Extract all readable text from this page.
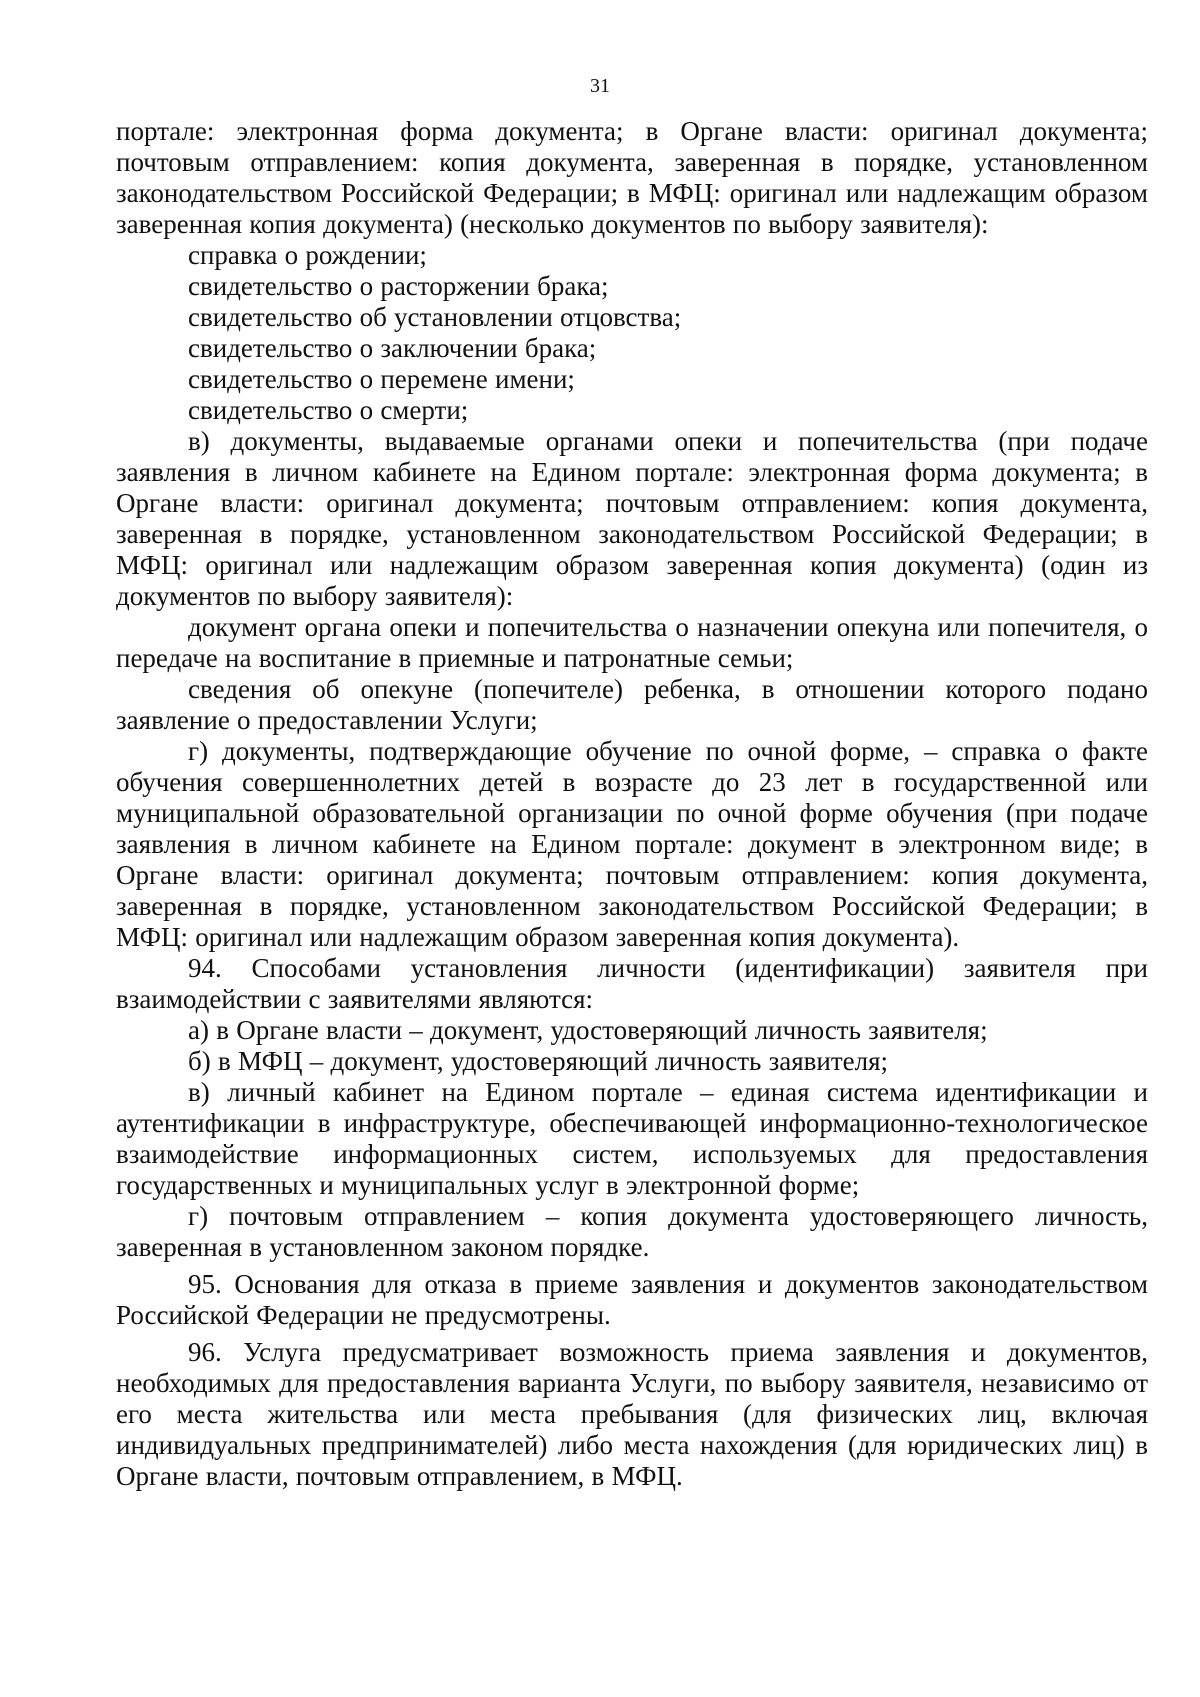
31

портале: электронная форма документа; в Органе власти: оригинал документа; почтовым отправлением: копия документа, заверенная в порядке, установленном законодательством Российской Федерации; в МФЦ: оригинал или надлежащим образом заверенная копия документа) (несколько документов по выбору заявителя):

справка о рождении;

свидетельство о расторжении брака;

свидетельство об установлении отцовства;

свидетельство о заключении брака;

свидетельство о перемене имени;

свидетельство о смерти;

в) документы, выдаваемые органами опеки и попечительства (при подаче заявления в личном кабинете на Едином портале: электронная форма документа; в Органе власти: оригинал документа; почтовым отправлением: копия документа, заверенная в порядке, установленном законодательством Российской Федерации; в МФЦ: оригинал или надлежащим образом заверенная копия документа) (один из документов по выбору заявителя):

документ органа опеки и попечительства о назначении опекуна или попечителя, о передаче на воспитание в приемные и патронатные семьи;

сведения об опекуне (попечителе) ребенка, в отношении которого подано заявление о предоставлении Услуги;

г) документы, подтверждающие обучение по очной форме, – справка о факте обучения совершеннолетних детей в возрасте до 23 лет в государственной или муниципальной образовательной организации по очной форме обучения (при подаче заявления в личном кабинете на Едином портале: документ в электронном виде; в Органе власти: оригинал документа; почтовым отправлением: копия документа, заверенная в порядке, установленном законодательством Российской Федерации; в МФЦ: оригинал или надлежащим образом заверенная копия документа).

94. Способами установления личности (идентификации) заявителя при взаимодействии с заявителями являются:

а) в Органе власти – документ, удостоверяющий личность заявителя;

б) в МФЦ – документ, удостоверяющий личность заявителя;

в) личный кабинет на Едином портале – единая система идентификации и аутентификации в инфраструктуре, обеспечивающей информационно-технологическое взаимодействие информационных систем, используемых для предоставления государственных и муниципальных услуг в электронной форме;

г) почтовым отправлением – копия документа удостоверяющего личность, заверенная в установленном законом порядке.

95. Основания для отказа в приеме заявления и документов законодательством Российской Федерации не предусмотрены.

96. Услуга предусматривает возможность приема заявления и документов, необходимых для предоставления варианта Услуги, по выбору заявителя, независимо от его места жительства или места пребывания (для физических лиц, включая индивидуальных предпринимателей) либо места нахождения (для юридических лиц) в Органе власти, почтовым отправлением, в МФЦ.
